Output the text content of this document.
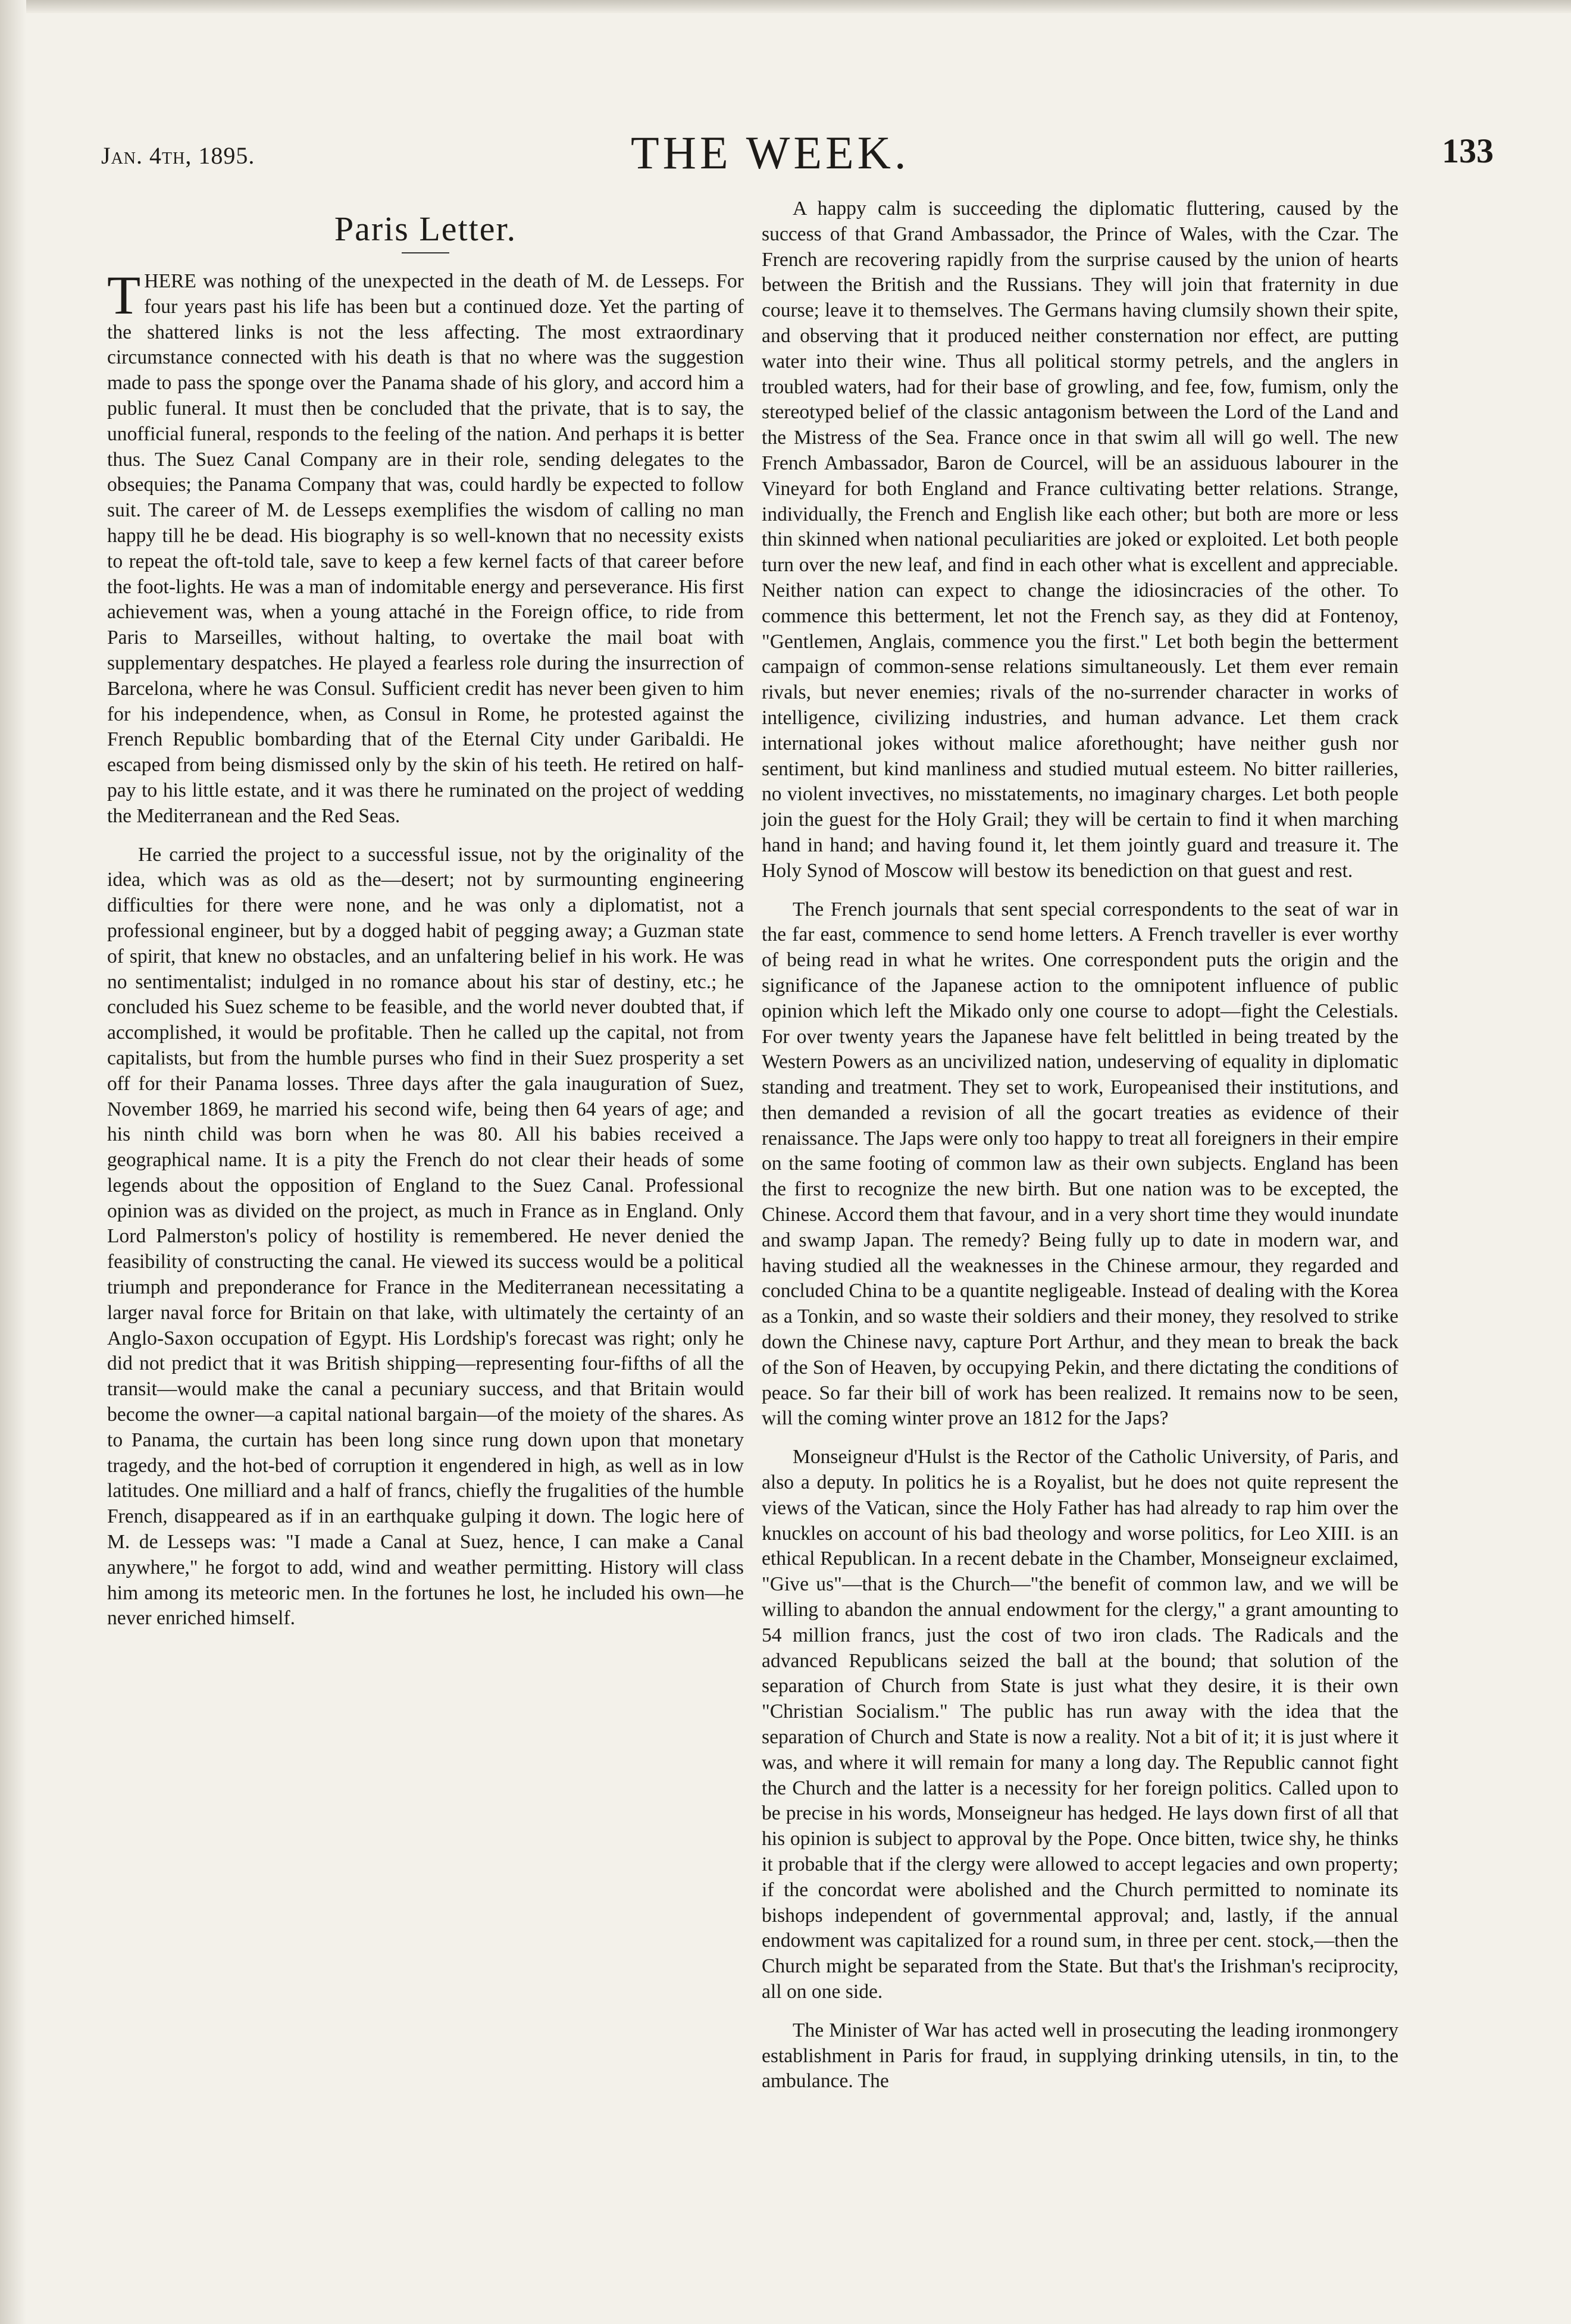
Jan. 4th, 1895.	THE WEEK.	133
Paris Letter.

THERE was nothing of the unexpected in the death of M. de Lesseps. For four years past his life has been but a continued doze. Yet the parting of the shattered links is not the less affecting. The most extraordinary circumstance connected with his death is that no where was the suggestion made to pass the sponge over the Panama shade of his glory, and accord him a public funeral. It must then be concluded that the private, that is to say, the unofficial funeral, responds to the feeling of the nation. And perhaps it is better thus. The Suez Canal Company are in their role, sending delegates to the obsequies; the Panama Company that was, could hardly be expected to follow suit. The career of M. de Lesseps exemplifies the wisdom of calling no man happy till he be dead. His biography is so well-known that no necessity exists to repeat the oft-told tale, save to keep a few kernel facts of that career before the foot-lights. He was a man of indomitable energy and perseverance. His first achievement was, when a young attaché in the Foreign office, to ride from Paris to Marseilles, without halting, to overtake the mail boat with supplementary despatches. He played a fearless role during the insurrection of Barcelona, where he was Consul. Sufficient credit has never been given to him for his independence, when, as Consul in Rome, he protested against the French Republic bombarding that of the Eternal City under Garibaldi. He escaped from being dismissed only by the skin of his teeth. He retired on half-pay to his little estate, and it was there he ruminated on the project of wedding the Mediterranean and the Red Seas.

He carried the project to a successful issue, not by the originality of the idea, which was as old as the—desert; not by surmounting engineering difficulties for there were none, and he was only a diplomatist, not a professional engineer, but by a dogged habit of pegging away; a Guzman state of spirit, that knew no obstacles, and an unfaltering belief in his work. He was no sentimentalist; indulged in no romance about his star of destiny, etc.; he concluded his Suez scheme to be feasible, and the world never doubted that, if accomplished, it would be profitable. Then he called up the capital, not from capitalists, but from the humble purses who find in their Suez prosperity a set off for their Panama losses. Three days after the gala inauguration of Suez, November 1869, he married his second wife, being then 64 years of age; and his ninth child was born when he was 80. All his babies received a geographical name. It is a pity the French do not clear their heads of some legends about the opposition of England to the Suez Canal. Professional opinion was as divided on the project, as much in France as in England. Only Lord Palmerston's policy of hostility is remembered. He never denied the feasibility of constructing the canal. He viewed its success would be a political triumph and preponderance for France in the Mediterranean necessitating a larger naval force for Britain on that lake, with ultimately the certainty of an Anglo-Saxon occupation of Egypt. His Lordship's forecast was right; only he did not predict that it was British shipping—representing four-fifths of all the transit—would make the canal a pecuniary success, and that Britain would become the owner—a capital national bargain—of the moiety of the shares. As to Panama, the curtain has been long since rung down upon that monetary tragedy, and the hot-bed of corruption it engendered in high, as well as in low latitudes. One milliard and a half of francs, chiefly the frugalities of the humble French, disappeared as if in an earthquake gulping it down. The logic here of M. de Lesseps was: "I made a Canal at Suez, hence, I can make a Canal anywhere," he forgot to add, wind and weather permitting. History will class him among its meteoric men. In the fortunes he lost, he included his own—he never enriched himself.

A happy calm is succeeding the diplomatic fluttering, caused by the success of that Grand Ambassador, the Prince of Wales, with the Czar. The French are recovering rapidly from the surprise caused by the union of hearts between the British and the Russians. They will join that fraternity in due course; leave it to themselves. The Germans having clumsily shown their spite, and observing that it produced neither consternation nor effect, are putting water into their wine. Thus all political stormy petrels, and the anglers in troubled waters, had for their base of growling, and fee, fow, fumism, only the stereotyped belief of the classic antagonism between the Lord of the Land and the Mistress of the Sea. France once in that swim all will go well. The new French Ambassador, Baron de Courcel, will be an assiduous labourer in the Vineyard for both England and France cultivating better relations. Strange, individually, the French and English like each other; but both are more or less thin skinned when national peculiarities are joked or exploited. Let both people turn over the new leaf, and find in each other what is excellent and appreciable. Neither nation can expect to change the idiosincracies of the other. To commence this betterment, let not the French say, as they did at Fontenoy, "Gentlemen, Anglais, commence you the first." Let both begin the betterment campaign of common-sense relations simultaneously. Let them ever remain rivals, but never enemies; rivals of the no-surrender character in works of intelligence, civilizing industries, and human advance. Let them crack international jokes without malice aforethought; have neither gush nor sentiment, but kind manliness and studied mutual esteem. No bitter railleries, no violent invectives, no misstatements, no imaginary charges. Let both people join the guest for the Holy Grail; they will be certain to find it when marching hand in hand; and having found it, let them jointly guard and treasure it. The Holy Synod of Moscow will bestow its benediction on that guest and rest.

The French journals that sent special correspondents to the seat of war in the far east, commence to send home letters. A French traveller is ever worthy of being read in what he writes. One correspondent puts the origin and the significance of the Japanese action to the omnipotent influence of public opinion which left the Mikado only one course to adopt—fight the Celestials. For over twenty years the Japanese have felt belittled in being treated by the Western Powers as an uncivilized nation, undeserving of equality in diplomatic standing and treatment. They set to work, Europeanised their institutions, and then demanded a revision of all the gocart treaties as evidence of their renaissance. The Japs were only too happy to treat all foreigners in their empire on the same footing of common law as their own subjects. England has been the first to recognize the new birth. But one nation was to be excepted, the Chinese. Accord them that favour, and in a very short time they would inundate and swamp Japan. The remedy? Being fully up to date in modern war, and having studied all the weaknesses in the Chinese armour, they regarded and concluded China to be a quantite negligeable. Instead of dealing with the Korea as a Tonkin, and so waste their soldiers and their money, they resolved to strike down the Chinese navy, capture Port Arthur, and they mean to break the back of the Son of Heaven, by occupying Pekin, and there dictating the conditions of peace. So far their bill of work has been realized. It remains now to be seen, will the coming winter prove an 1812 for the Japs?

Monseigneur d'Hulst is the Rector of the Catholic University, of Paris, and also a deputy. In politics he is a Royalist, but he does not quite represent the views of the Vatican, since the Holy Father has had already to rap him over the knuckles on account of his bad theology and worse politics, for Leo XIII. is an ethical Republican. In a recent debate in the Chamber, Monseigneur exclaimed, "Give us"—that is the Church—"the benefit of common law, and we will be willing to abandon the annual endowment for the clergy," a grant amounting to 54 million francs, just the cost of two iron clads. The Radicals and the advanced Republicans seized the ball at the bound; that solution of the separation of Church from State is just what they desire, it is their own "Christian Socialism." The public has run away with the idea that the separation of Church and State is now a reality. Not a bit of it; it is just where it was, and where it will remain for many a long day. The Republic cannot fight the Church and the latter is a necessity for her foreign politics. Called upon to be precise in his words, Monseigneur has hedged. He lays down first of all that his opinion is subject to approval by the Pope. Once bitten, twice shy, he thinks it probable that if the clergy were allowed to accept legacies and own property; if the concordat were abolished and the Church permitted to nominate its bishops independent of governmental approval; and, lastly, if the annual endowment was capitalized for a round sum, in three per cent. stock,—then the Church might be separated from the State. But that's the Irishman's reciprocity, all on one side.

The Minister of War has acted well in prosecuting the leading ironmongery establishment in Paris for fraud, in supplying drinking utensils, in tin, to the ambulance. The
